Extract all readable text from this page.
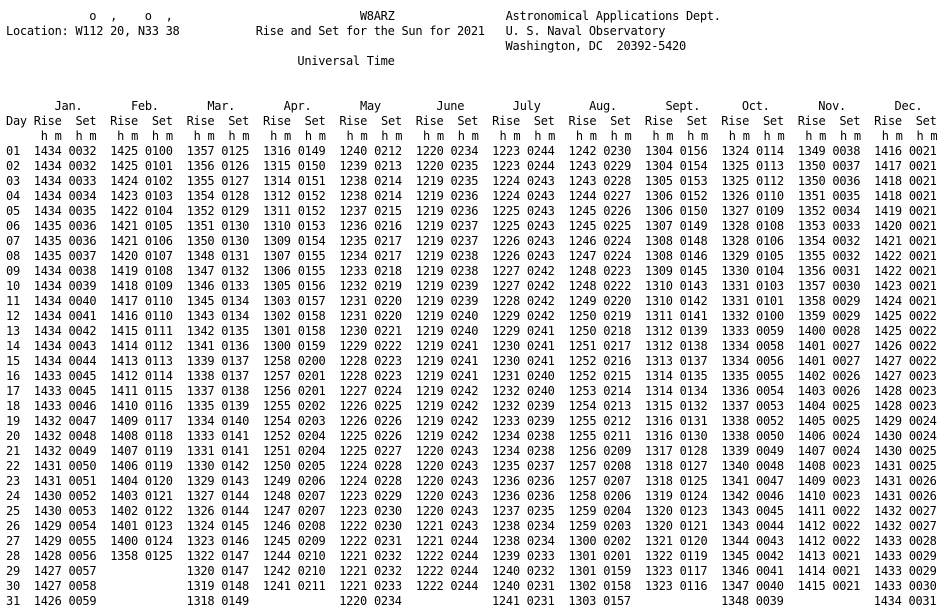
o  ,    o  ,	W8ARZ	Astronomical Applications Dept.
Location: W112 20, N33 38	Rise and Set for the Sun for 2021 U. S. Naval Observatory
Washington, DC  20392-5420
Universal Time
Jan.	Feb.	Mar.	Apr.	May	June	July	Aug.	Sept.	Oct.	Nov.	Dec.
Day Rise Set Rise Set Rise Set Rise Set Rise Set Rise Set Rise Set Rise Set Rise Set Rise Set Rise Set Rise Set
h m h m h m h m h m h m h m h m h m h m h m h m h m h m h m h m h m h m h m h m h m h m h m h m
01 1434 0032 1425 0100 1357 0125 1316 0149 1240 0212 1220 0234 1223 0244 1242 0230 1304 0156 1324 0114 1349 0038 1416 0021
02 1434 0032 1425 0101 1356 0126 1315 0150 1239 0213 1220 0235 1223 0244 1243 0229 1304 0154 1325 0113 1350 0037 1417 0021
03 1434 0033 1424 0102 1355 0127 1314 0151 1238 0214 1219 0235 1224 0243 1243 0228 1305 0153 1325 0112 1350 0036 1418 0021
04 1434 0034 1423 0103 1354 0128 1312 0152 1238 0214 1219 0236 1224 0243 1244 0227 1306 0152 1326 0110 1351 0035 1418 0021
05 1434 0035 1422 0104 1352 0129 1311 0152 1237 0215 1219 0236 1225 0243 1245 0226 1306 0150 1327 0109 1352 0034 1419 0021
06 1435 0036 1421 0105 1351 0130 1310 0153 1236 0216 1219 0237 1225 0243 1245 0225 1307 0149 1328 0108 1353 0033 1420 0021
07 1435 0036 1421 0106 1350 0130 1309 0154 1235 0217 1219 0237 1226 0243 1246 0224 1308 0148 1328 0106 1354 0032 1421 0021
08 1435 0037 1420 0107 1348 0131 1307 0155 1234 0217 1219 0238 1226 0243 1247 0224 1308 0146 1329 0105 1355 0032 1422 0021
09 1434 0038 1419 0108 1347 0132 1306 0155 1233 0218 1219 0238 1227 0242 1248 0223 1309 0145 1330 0104 1356 0031 1422 0021
10 1434 0039 1418 0109 1346 0133 1305 0156 1232 0219 1219 0239 1227 0242 1248 0222 1310 0143 1331 0103 1357 0030 1423 0021
11 1434 0040 1417 0110 1345 0134 1303 0157 1231 0220 1219 0239 1228 0242 1249 0220 1310 0142 1331 0101 1358 0029 1424 0021
12 1434 0041 1416 0110 1343 0134 1302 0158 1231 0220 1219 0240 1229 0242 1250 0219 1311 0141 1332 0100 1359 0029 1425 0022
13 1434 0042 1415 0111 1342 0135 1301 0158 1230 0221 1219 0240 1229 0241 1250 0218 1312 0139 1333 0059 1400 0028 1425 0022
14 1434 0043 1414 0112 1341 0136 1300 0159 1229 0222 1219 0241 1230 0241 1251 0217 1312 0138 1334 0058 1401 0027 1426 0022
15 1434 0044 1413 0113 1339 0137 1258 0200 1228 0223 1219 0241 1230 0241 1252 0216 1313 0137 1334 0056 1401 0027 1427 0022
16 1433 0045 1412 0114 1338 0137 1257 0201 1228 0223 1219 0241 1231 0240 1252 0215 1314 0135 1335 0055 1402 0026 1427 0023
17 1433 0045 1411 0115 1337 0138 1256 0201 1227 0224 1219 0242 1232 0240 1253 0214 1314 0134 1336 0054 1403 0026 1428 0023
18 1433 0046 1410 0116 1335 0139 1255 0202 1226 0225 1219 0242 1232 0239 1254 0213 1315 0132 1337 0053 1404 0025 1428 0023
19 1432 0047 1409 0117 1334 0140 1254 0203 1226 0226 1219 0242 1233 0239 1255 0212 1316 0131 1338 0052 1405 0025 1429 0024
20 1432 0048 1408 0118 1333 0141 1252 0204 1225 0226 1219 0242 1234 0238 1255 0211 1316 0130 1338 0050 1406 0024 1430 0024
21 1432 0049 1407 0119 1331 0141 1251 0204 1225 0227 1220 0243 1234 0238 1256 0209 1317 0128 1339 0049 1407 0024 1430 0025
22 1431 0050 1406 0119 1330 0142 1250 0205 1224 0228 1220 0243 1235 0237 1257 0208 1318 0127 1340 0048 1408 0023 1431 0025
23 1431 0051 1404 0120 1329 0143 1249 0206 1224 0228 1220 0243 1236 0236 1257 0207 1318 0125 1341 0047 1409 0023 1431 0026
24 1430 0052 1403 0121 1327 0144 1248 0207 1223 0229 1220 0243 1236 0236 1258 0206 1319 0124 1342 0046 1410 0023 1431 0026
25 1430 0053 1402 0122 1326 0144 1247 0207 1223 0230 1220 0243 1237 0235 1259 0204 1320 0123 1343 0045 1411 0022 1432 0027
26 1429 0054 1401 0123 1324 0145 1246 0208 1222 0230 1221 0243 1238 0234 1259 0203 1320 0121 1343 0044 1412 0022 1432 0027
27 1429 0055 1400 0124 1323 0146 1245 0209 1222 0231 1221 0244 1238 0234 1300 0202 1321 0120 1344 0043 1412 0022 1433 0028
28 1428 0056 1358 0125 1322 0147 1244 0210 1221 0232 1222 0244 1239 0233 1301 0201 1322 0119 1345 0042 1413 0021 1433 0029
29 1427 0057	1320 0147 1242 0210 1221 0232 1222 0244 1240 0232 1301 0159 1323 0117 1346 0041 1414 0021 1433 0029
30 1427 0058	1319 0148 1241 0211 1221 0233 1222 0244 1240 0231 1302 0158 1323 0116 1347 0040 1415 0021 1433 0030
31 1426 0059	1318 0149	1220 0234	1241 0231 1303 0157	1348 0039	1434 0031
